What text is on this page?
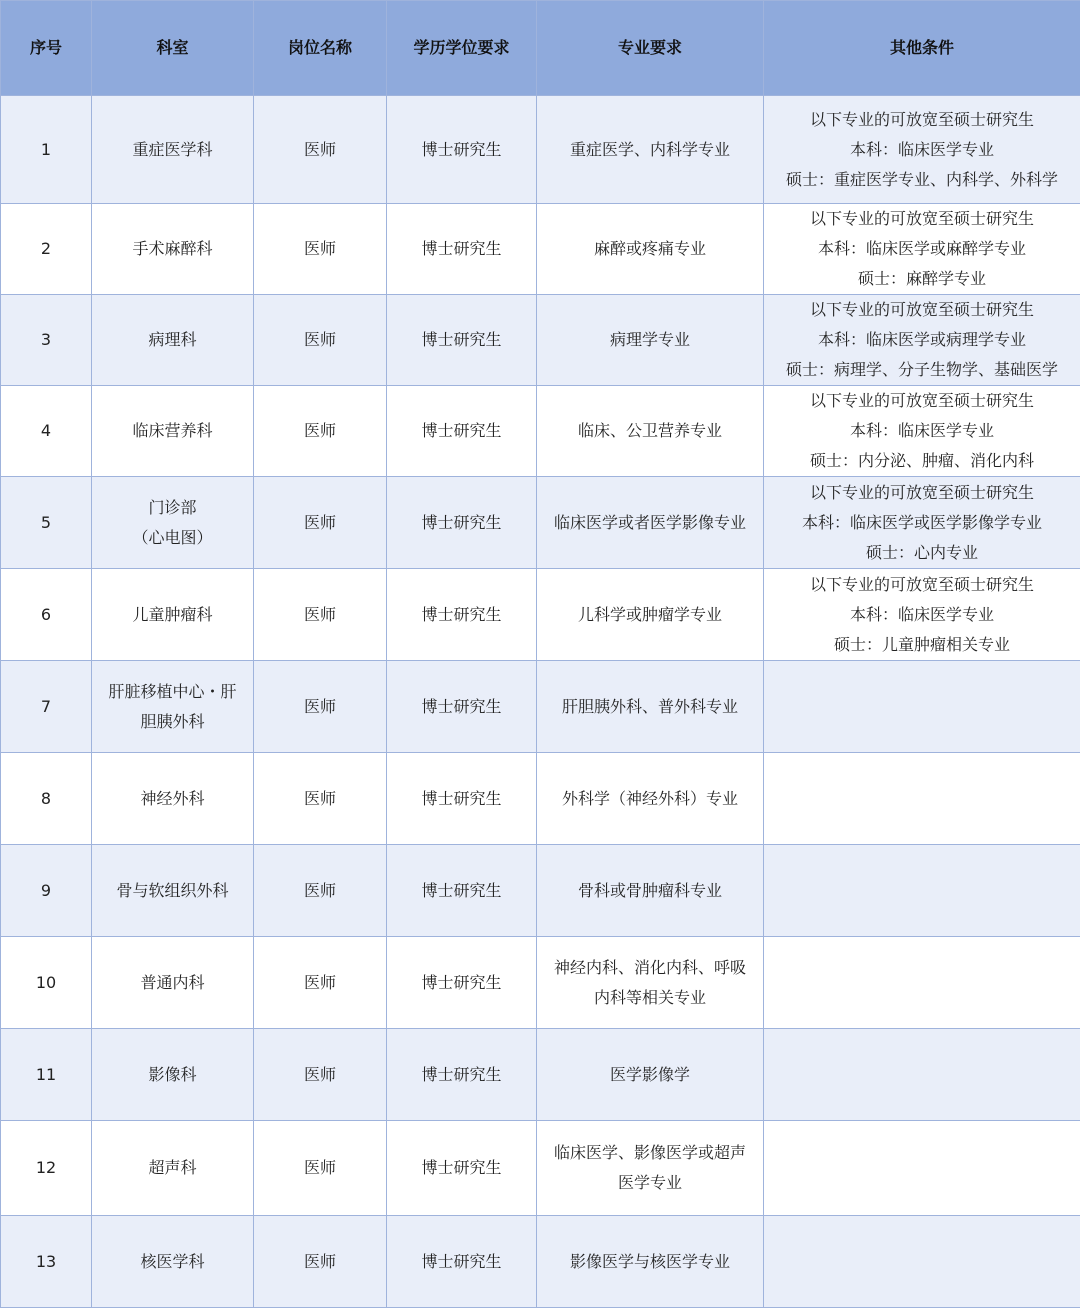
序号	科室	岗位名称	学历学位要求	专业要求	其他条件
1	重症医学科	医师	博士研究生	重症医学、内科学专业	以下专业的可放宽至硕士研究生
本科：临床医学专业
硕士：重症医学专业、内科学、外科学

2	手术麻醉科	医师	博士研究生	麻醉或疼痛专业	以下专业的可放宽至硕士研究生
本科：临床医学或麻醉学专业
硕士：麻醉学专业

3	病理科	医师	博士研究生	病理学专业	以下专业的可放宽至硕士研究生
本科：临床医学或病理学专业
硕士：病理学、分子生物学、基础医学

4	临床营养科	医师	博士研究生	临床、公卫营养专业	以下专业的可放宽至硕士研究生
本科：临床医学专业
硕士：内分泌、肿瘤、消化内科

5	门诊部
（心电图）	医师	博士研究生	临床医学或者医学影像专业	以下专业的可放宽至硕士研究生
本科：临床医学或医学影像学专业
硕士：心内专业

6	儿童肿瘤科	医师	博士研究生	儿科学或肿瘤学专业	以下专业的可放宽至硕士研究生
本科：临床医学专业
硕士：儿童肿瘤相关专业

7	肝脏移植中心・肝
胆胰外科	医师	博士研究生	肝胆胰外科、普外科专业	

8	神经外科	医师	博士研究生	外科学（神经外科）专业	

9	骨与软组织外科	医师	博士研究生	骨科或骨肿瘤科专业	

10	普通内科	医师	博士研究生	神经内科、消化内科、呼吸
内科等相关专业	

11	影像科	医师	博士研究生	医学影像学	

12	超声科	医师	博士研究生	临床医学、影像医学或超声
医学专业	

13	核医学科	医师	博士研究生	影像医学与核医学专业	
